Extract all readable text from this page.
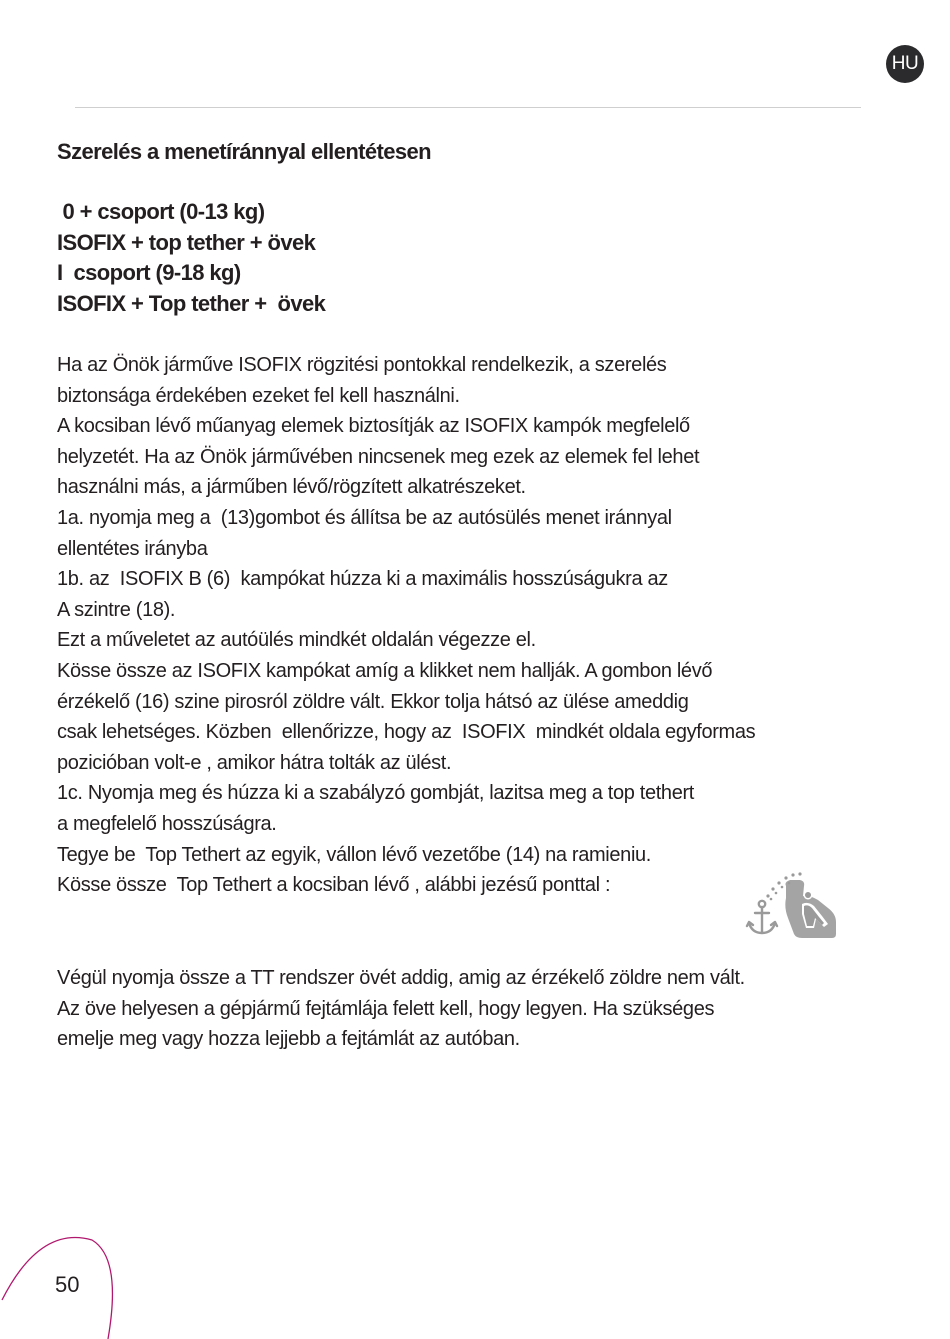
HU
Szerelés a menetíránnyal ellentétesen
0 + csoport (0-13 kg)
ISOFIX + top tether + övek
I  csoport (9-18 kg)
ISOFIX + Top tether +  övek

Ha az Önök járműve ISOFIX rögzitési pontokkal rendelkezik, a szerelés

biztonsága érdekében ezeket fel kell használni.

A kocsiban lévő műanyag elemek biztosítják az ISOFIX kampók megfelelő

helyzetét. Ha az Önök járművében nincsenek meg ezek az elemek fel lehet

használni más, a járműben lévő/rögzített alkatrészeket.

1a. nyomja meg a  (13)gombot és állítsa be az autósülés menet iránnyal

ellentétes irányba

1b. az  ISOFIX B (6)  kampókat húzza ki a maximális hosszúságukra az

A szintre (18).

Ezt a műveletet az autóülés mindkét oldalán végezze el.

Kösse össze az ISOFIX kampókat amíg a klikket nem hallják. A gombon lévő

érzékelő (16) szine pirosról zöldre vált. Ekkor tolja hátsó az ülése ameddig

csak lehetséges. Közben  ellenőrizze, hogy az  ISOFIX  mindkét oldala egyformas

pozicióban volt-e , amikor hátra tolták az ülést.

1c. Nyomja meg és húzza ki a szabályzó gombját, lazitsa meg a top tethert

a megfelelő hosszúságra.

Tegye be  Top Tethert az egyik, vállon lévő vezetőbe (14) na ramieniu.

Kösse össze  Top Tethert a kocsiban lévő , alábbi jezésű ponttal :

Végül nyomja össze a TT rendszer övét addig, amig az érzékelő zöldre nem vált.

Az öve helyesen a gépjármű fejtámlája felett kell, hogy legyen. Ha szükséges

emelje meg vagy hozza lejjebb a fejtámlát az autóban.

50
